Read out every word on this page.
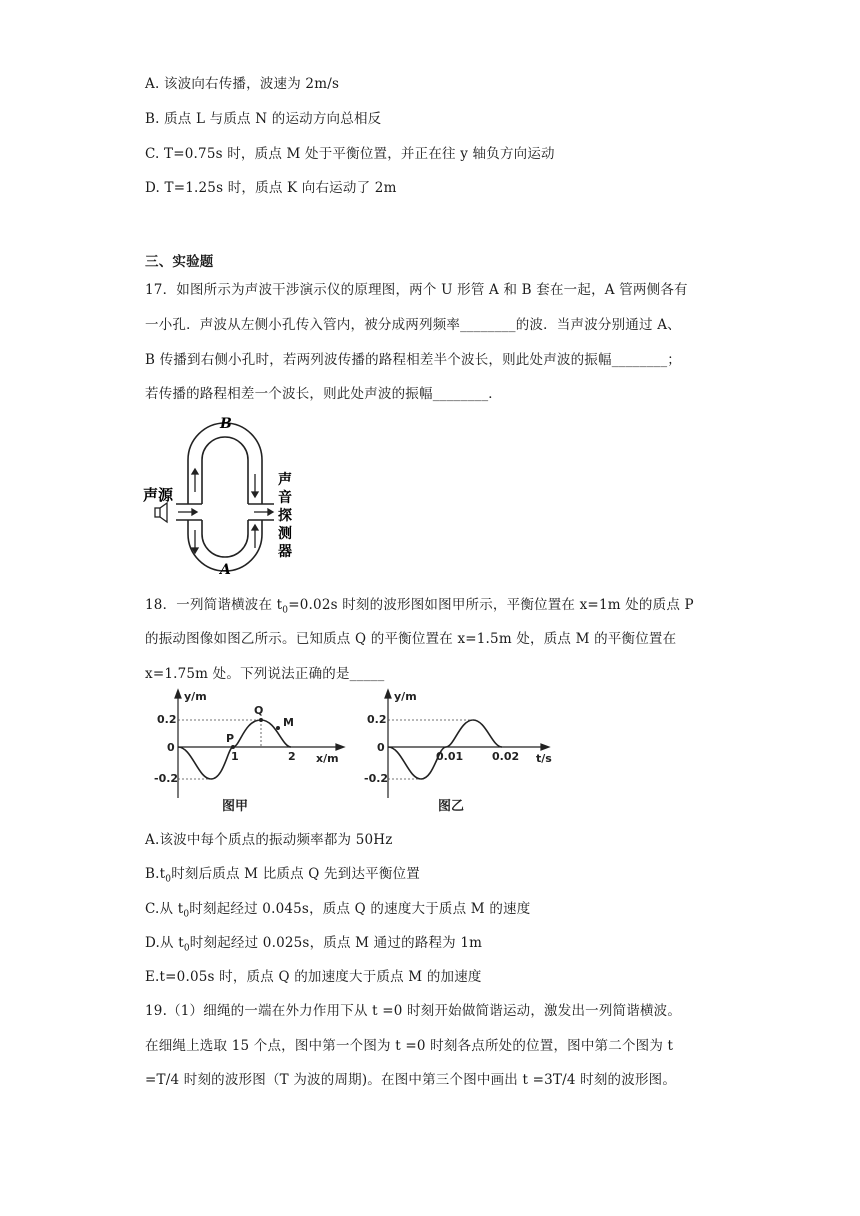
A. 该波向右传播，波速为 2m/s
B. 质点 L 与质点 N 的运动方向总相反
C. T=0.75s 时，质点 M 处于平衡位置，并正在往 y 轴负方向运动
D. T=1.25s 时，质点 K 向右运动了 2m
三、实验题
17．如图所示为声波干涉演示仪的原理图，两个 U 形管 A 和 B 套在一起，A 管两侧各有
一小孔．声波从左侧小孔传入管内，被分成两列频率________的波．当声波分别通过 A、
B 传播到右侧小孔时，若两列波传播的路程相差半个波长，则此处声波的振幅________；
若传播的路程相差一个波长，则此处声波的振幅________．
B
A
声源
声
音
探
测
器
18．一列简谐横波在 $t_0=0.02s$ 时刻的波形图如图甲所示，平衡位置在 x=1m 处的质点 P
的振动图像如图乙所示。已知质点 Q 的平衡位置在 x=1.5m 处，质点 M 的平衡位置在
x=1.75m 处。下列说法正确的是_____
y/m
0.2
0
-0.2
1	2 x/m
P
Q
M
图甲
y/m
0.2
0
-0.2
0.01	0.02 t/s
图乙
A.该波中每个质点的振动频率都为 50Hz
$B.t_0$时刻后质点 M 比质点 Q 先到达平衡位置
C.从 $t_0$时刻起经过 0.045s，质点 Q 的速度大于质点 M 的速度
D.从 $t_0$时刻起经过 0.025s，质点 M 通过的路程为 1m
E.t=0.05s 时，质点 Q 的加速度大于质点 M 的加速度
19.（1）细绳的一端在外力作用下从 t =0 时刻开始做简谐运动，激发出一列简谐横波。
在细绳上选取 15 个点，图中第一个图为 t =0 时刻各点所处的位置，图中第二个图为 t
=T/4 时刻的波形图（T 为波的周期)。在图中第三个图中画出 t =3T/4 时刻的波形图。
